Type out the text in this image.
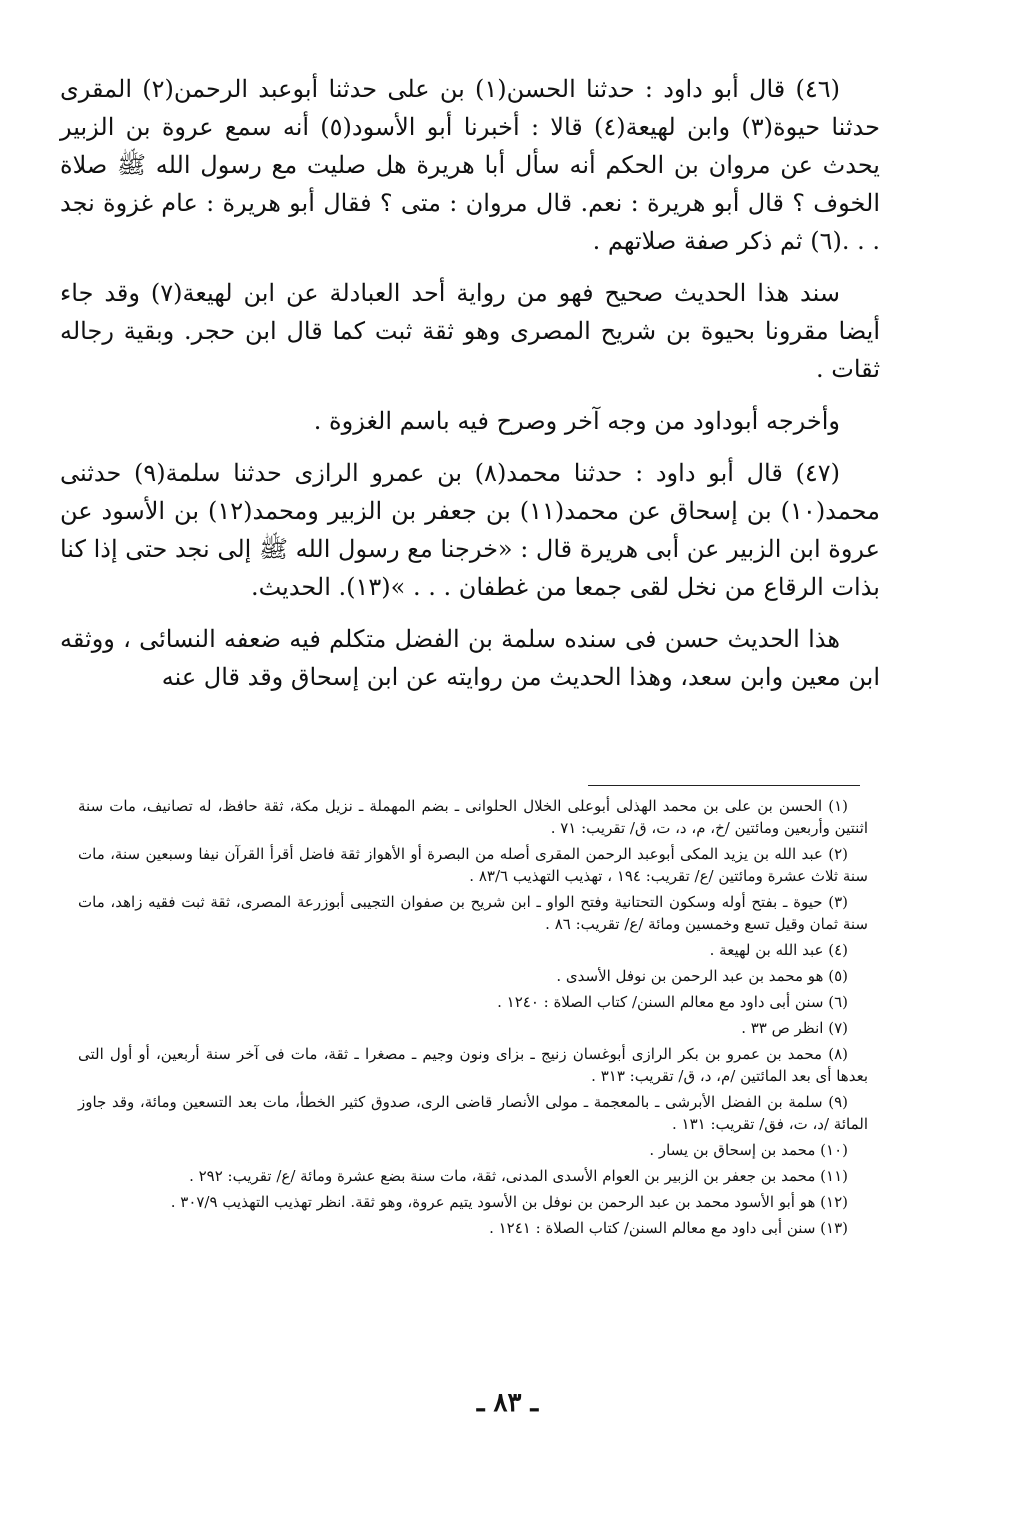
(٤٦) قال أبو داود : حدثنا الحسن(١) بن على حدثنا أبوعبد الرحمن(٢) المقرى حدثنا حيوة(٣) وابن لهيعة(٤) قالا : أخبرنا أبو الأسود(٥) أنه سمع عروة بن الزبير يحدث عن مروان بن الحكم أنه سأل أبا هريرة هل صليت مع رسول الله ﷺ صلاة الخوف ؟ قال أبو هريرة : نعم. قال مروان : متى ؟ فقال أبو هريرة : عام غزوة نجد . . .(٦) ثم ذكر صفة صلاتهم .

سند هذا الحديث صحيح فهو من رواية أحد العبادلة عن ابن لهيعة(٧) وقد جاء أيضا مقرونا بحيوة بن شريح المصرى وهو ثقة ثبت كما قال ابن حجر. وبقية رجاله ثقات .

وأخرجه أبوداود من وجه آخر وصرح فيه باسم الغزوة .

(٤٧) قال أبو داود : حدثنا محمد(٨) بن عمرو الرازى حدثنا سلمة(٩) حدثنى محمد(١٠) بن إسحاق عن محمد(١١) بن جعفر بن الزبير ومحمد(١٢) بن الأسود عن عروة ابن الزبير عن أبى هريرة قال : «خرجنا مع رسول الله ﷺ إلى نجد حتى إذا كنا بذات الرقاع من نخل لقى جمعا من غطفان . . . »(١٣). الحديث.

هذا الحديث حسن فى سنده سلمة بن الفضل متكلم فيه ضعفه النسائى ، ووثقه ابن معين وابن سعد، وهذا الحديث من روايته عن ابن إسحاق وقد قال عنه

(١) الحسن بن على بن محمد الهذلى أبوعلى الخلال الحلوانى ـ بضم المهملة ـ نزيل مكة، ثقة حافظ، له تصانيف، مات سنة اثنتين وأربعين ومائتين /خ، م، د، ت، ق/ تقريب: ٧١ .

(٢) عبد الله بن يزيد المكى أبوعبد الرحمن المقرى أصله من البصرة أو الأهواز ثقة فاضل أقرأ القرآن نيفا وسبعين سنة، مات سنة ثلاث عشرة ومائتين /ع/ تقريب: ١٩٤ ، تهذيب التهذيب ٨٣/٦ .

(٣) حيوة ـ بفتح أوله وسكون التحتانية وفتح الواو ـ ابن شريح بن صفوان التجيبى أبوزرعة المصرى، ثقة ثبت فقيه زاهد، مات سنة ثمان وقيل تسع وخمسين ومائة /ع/ تقريب: ٨٦ .

(٤) عبد الله بن لهيعة .

(٥) هو محمد بن عبد الرحمن بن نوفل الأسدى .

(٦) سنن أبى داود مع معالم السنن/ كتاب الصلاة : ١٢٤٠ .

(٧) انظر ص ٣٣ .

(٨) محمد بن عمرو بن بكر الرازى أبوغسان زنيج ـ بزاى ونون وجيم ـ مصغرا ـ ثقة، مات فى آخر سنة أربعين، أو أول التى بعدها أى بعد المائتين /م، د، ق/ تقريب: ٣١٣ .

(٩) سلمة بن الفضل الأبرشى ـ بالمعجمة ـ مولى الأنصار قاضى الرى، صدوق كثير الخطأ، مات بعد التسعين ومائة، وقد جاوز المائة /د، ت، فق/ تقريب: ١٣١ .

(١٠) محمد بن إسحاق بن يسار .

(١١) محمد بن جعفر بن الزبير بن العوام الأسدى المدنى، ثقة، مات سنة بضع عشرة ومائة /ع/ تقريب: ٢٩٢ .

(١٢) هو أبو الأسود محمد بن عبد الرحمن بن نوفل بن الأسود يتيم عروة، وهو ثقة. انظر تهذيب التهذيب ٣٠٧/٩ .

(١٣) سنن أبى داود مع معالم السنن/ كتاب الصلاة : ١٢٤١ .

ـ ٨٣ ـ
